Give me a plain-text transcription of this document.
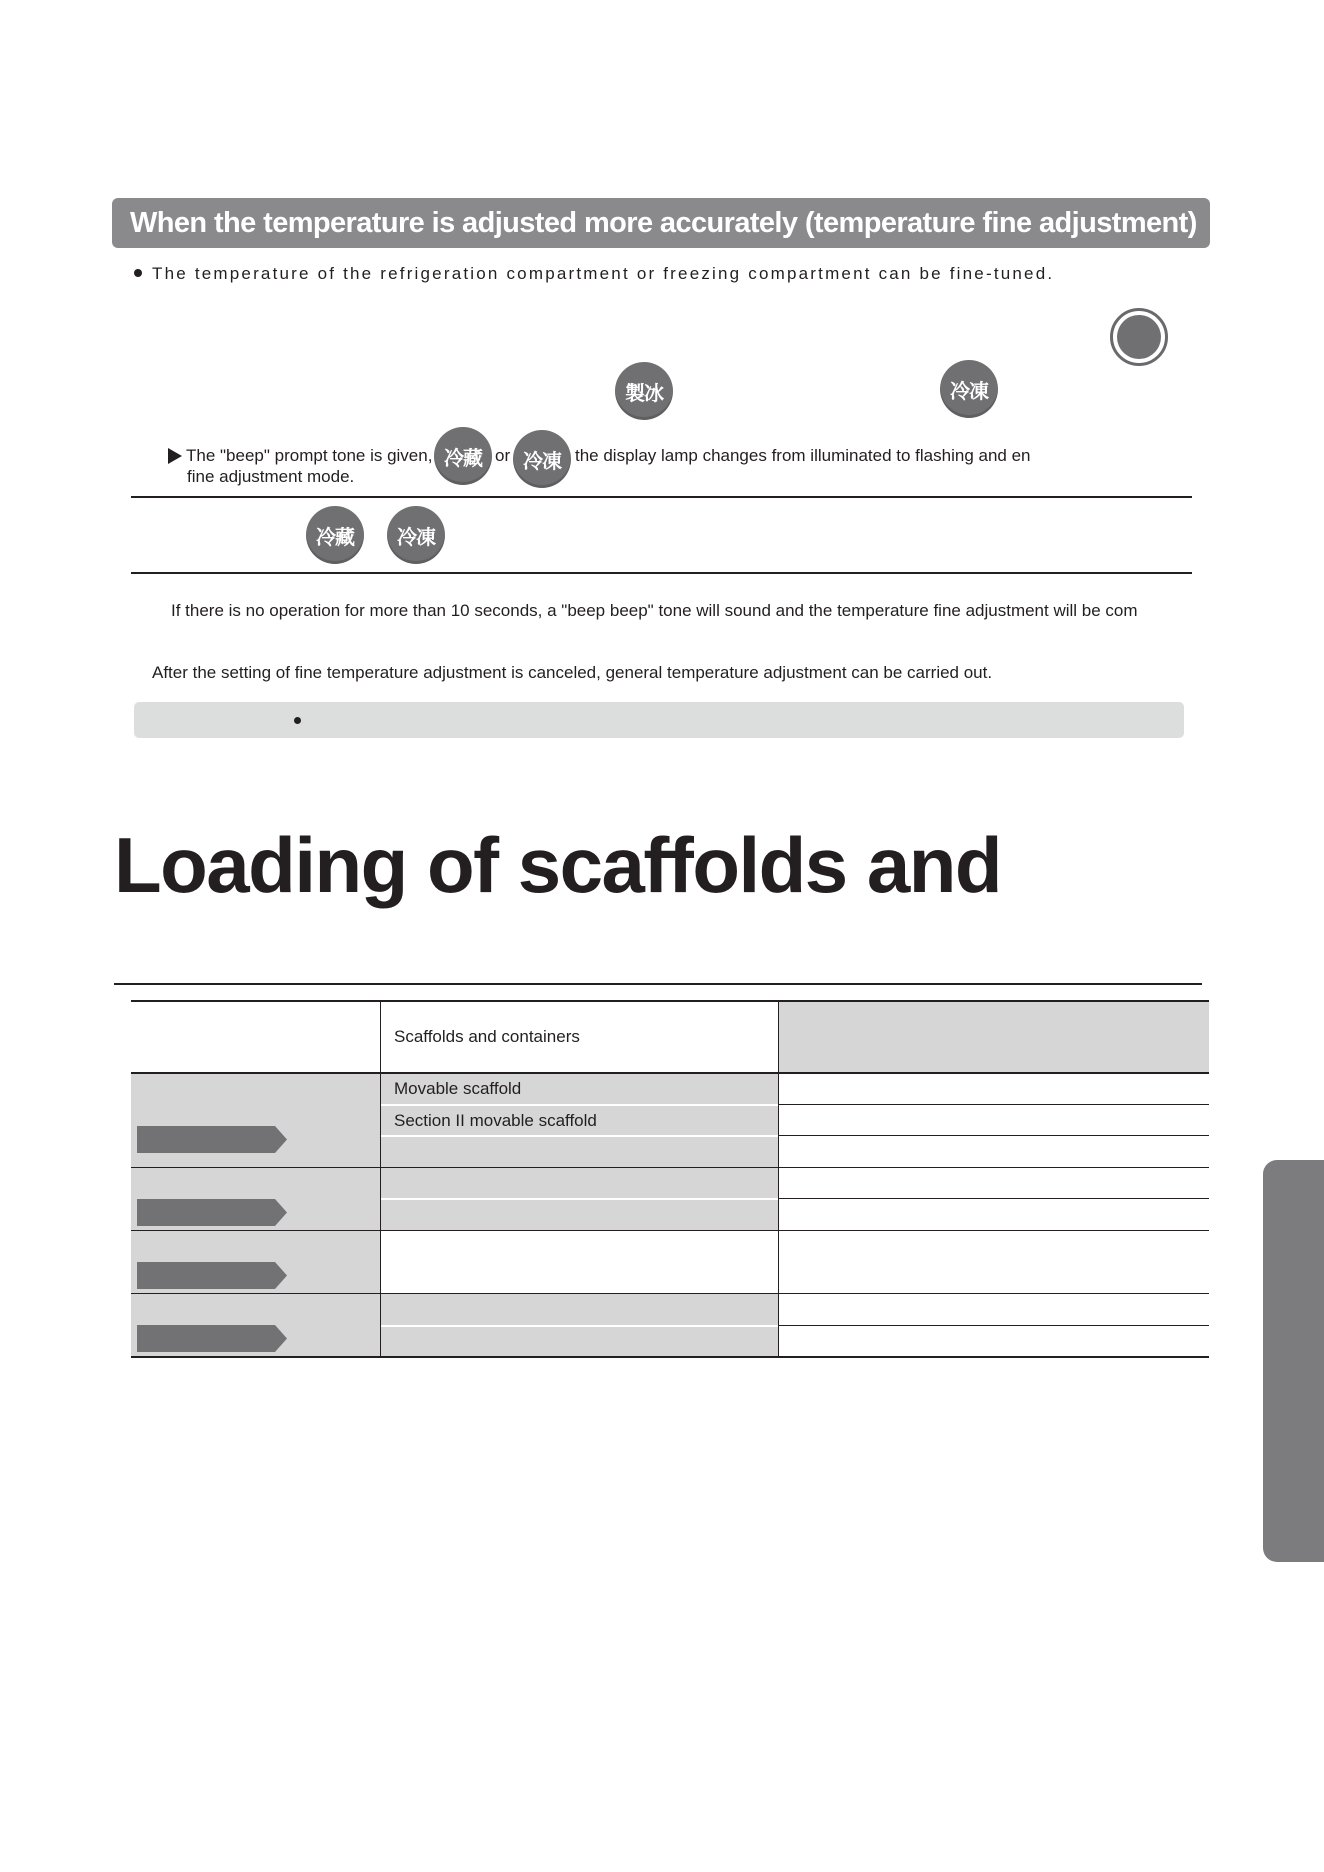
When the temperature is adjusted more accurately (temperature fine adjustment)
The temperature of the refrigeration compartment or freezing compartment can be fine-tuned.
製冰	冷凍
The "beep" prompt tone is given, 冷藏 or 冷凍 the display lamp changes from illuminated to flashing and en
fine adjustment mode.
冷藏	冷凍
If there is no operation for more than 10 seconds, a "beep beep" tone will sound and the temperature fine adjustment will be com
After the setting of fine temperature adjustment is canceled, general temperature adjustment can be carried out.
Loading of scaffolds and
Scaffolds and containers
Movable scaffold
Section II movable scaffold
